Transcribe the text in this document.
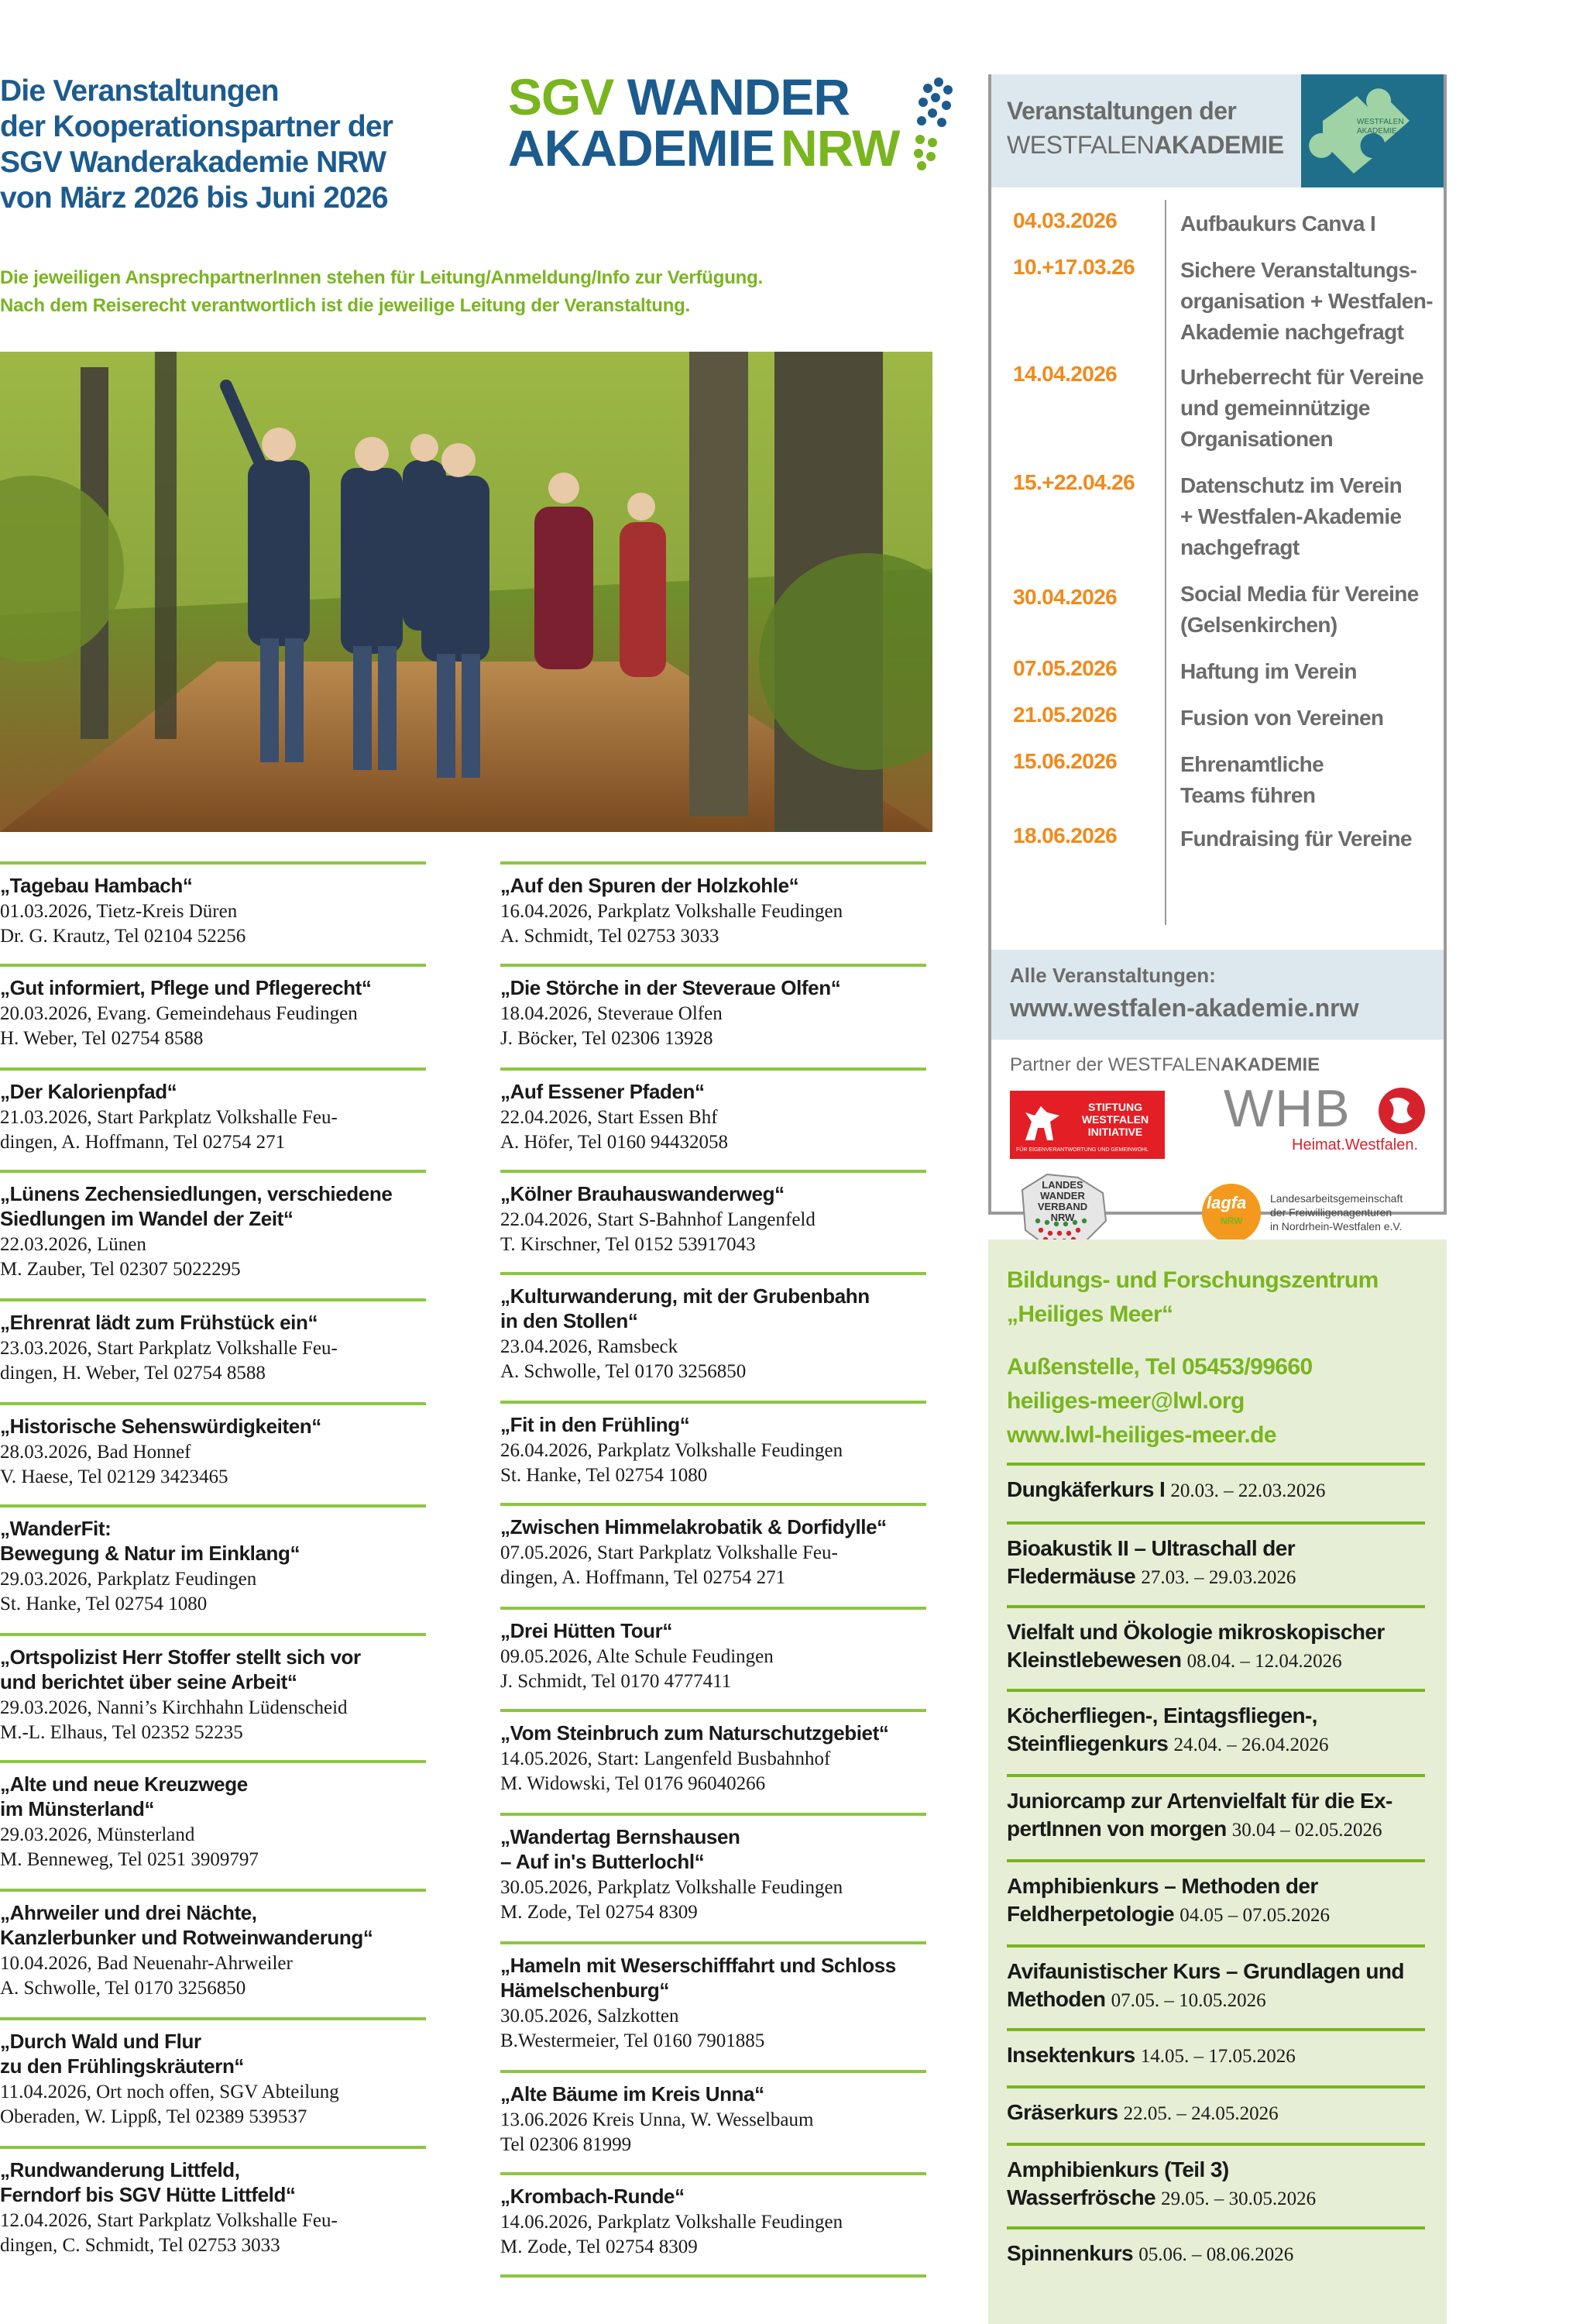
Die Veranstaltungen
der Kooperationspartner der
SGV Wanderakademie NRW
von März 2026 bis Juni 2026
SGV WANDER
AKADEMIE NRW
Die jeweiligen AnsprechpartnerInnen stehen für Leitung/Anmeldung/Info zur Verfügung.
Nach dem Reiserecht verantwortlich ist die jeweilige Leitung der Veranstaltung.
„Tagebau Hambach“
01.03.2026, Tietz-Kreis Düren
Dr. G. Krautz, Tel 02104 52256
„Gut informiert, Pflege und Pflegerecht“
20.03.2026, Evang. Gemeindehaus Feudingen
H. Weber, Tel 02754 8588
„Der Kalorienpfad“
21.03.2026, Start Parkplatz Volkshalle Feu-
dingen, A. Hoffmann, Tel 02754 271
„Lünens Zechensiedlungen, verschiedene
Siedlungen im Wandel der Zeit“
22.03.2026, Lünen
M. Zauber, Tel 02307 5022295
„Ehrenrat lädt zum Frühstück ein“
23.03.2026, Start Parkplatz Volkshalle Feu-
dingen, H. Weber, Tel 02754 8588
„Historische Sehenswürdigkeiten“
28.03.2026, Bad Honnef
V. Haese, Tel 02129 3423465
„WanderFit:
Bewegung & Natur im Einklang“
29.03.2026, Parkplatz Feudingen
St. Hanke, Tel 02754 1080
„Ortspolizist Herr Stoffer stellt sich vor
und berichtet über seine Arbeit“
29.03.2026, Nanni’s Kirchhahn Lüdenscheid
M.-L. Elhaus, Tel 02352 52235
„Alte und neue Kreuzwege
im Münsterland“
29.03.2026, Münsterland
M. Benneweg, Tel 0251 3909797
„Ahrweiler und drei Nächte,
Kanzlerbunker und Rotweinwanderung“
10.04.2026, Bad Neuenahr-Ahrweiler
A. Schwolle, Tel 0170 3256850
„Durch Wald und Flur
zu den Frühlingskräutern“
11.04.2026, Ort noch offen, SGV Abteilung
Oberaden, W. Lippß, Tel 02389 539537
„Rundwanderung Littfeld,
Ferndorf bis SGV Hütte Littfeld“
12.04.2026, Start Parkplatz Volkshalle Feu-
dingen, C. Schmidt, Tel 02753 3033
„Auf den Spuren der Holzkohle“
16.04.2026, Parkplatz Volkshalle Feudingen
A. Schmidt, Tel 02753 3033
„Die Störche in der Steveraue Olfen“
18.04.2026, Steveraue Olfen
J. Böcker, Tel 02306 13928
„Auf Essener Pfaden“
22.04.2026, Start Essen Bhf
A. Höfer, Tel 0160 94432058
„Kölner Brauhauswanderweg“
22.04.2026, Start S-Bahnhof Langenfeld
T. Kirschner, Tel 0152 53917043
„Kulturwanderung, mit der Grubenbahn
in den Stollen“
23.04.2026, Ramsbeck
A. Schwolle, Tel 0170 3256850
„Fit in den Frühling“
26.04.2026, Parkplatz Volkshalle Feudingen
St. Hanke, Tel 02754 1080
„Zwischen Himmelakrobatik & Dorfidylle“
07.05.2026, Start Parkplatz Volkshalle Feu-
dingen, A. Hoffmann, Tel 02754 271
„Drei Hütten Tour“
09.05.2026, Alte Schule Feudingen
J. Schmidt, Tel 0170 4777411
„Vom Steinbruch zum Naturschutzgebiet“
14.05.2026, Start: Langenfeld Busbahnhof
M. Widowski, Tel 0176 96040266
„Wandertag Bernshausen
– Auf in's Butterlochl“
30.05.2026, Parkplatz Volkshalle Feudingen
M. Zode, Tel 02754 8309
„Hameln mit Weserschifffahrt und Schloss
Hämelschenburg“
30.05.2026, Salzkotten
B.Westermeier, Tel 0160 7901885
„Alte Bäume im Kreis Unna“
13.06.2026 Kreis Unna, W. Wesselbaum
Tel 02306 81999
„Krombach-Runde“
14.06.2026, Parkplatz Volkshalle Feudingen
M. Zode, Tel 02754 8309
Veranstaltungen der
WESTFALENAKADEMIE
WESTFALEN AKADEMIE
04.03.2026	Aufbaukurs Canva I
10.+17.03.26	Sichere Veranstaltungs-
organisation + Westfalen-
Akademie nachgefragt
14.04.2026	Urheberrecht für Vereine
und gemeinnützige
Organisationen
15.+22.04.26	Datenschutz im Verein
+ Westfalen-Akademie
nachgefragt
30.04.2026	Social Media für Vereine
(Gelsenkirchen)
07.05.2026	Haftung im Verein
21.05.2026	Fusion von Vereinen
15.06.2026	Ehrenamtliche
Teams führen
18.06.2026	Fundraising für Vereine
Alle Veranstaltungen:
www.westfalen-akademie.nrw
Partner der WESTFALENAKADEMIE
STIFTUNG
WESTFALEN
INITIATIVE
FÜR EIGENVERANTWORTUNG UND GEMEINWOHL
WHB
Heimat.Westfalen.
LANDES
WANDER
VERBAND
NRW
lagfa
NRW
Landesarbeitsgemeinschaft
der Freiwilligenagenturen
in Nordrhein-Westfalen e.V.
Bildungs- und Forschungszentrum
„Heiliges Meer“
Außenstelle, Tel 05453/99660
heiliges-meer@lwl.org
www.lwl-heiliges-meer.de
Dungkäferkurs I 20.03. – 22.03.2026
Bioakustik II – Ultraschall der
Fledermäuse 27.03. – 29.03.2026
Vielfalt und Ökologie mikroskopischer
Kleinstlebewesen 08.04. – 12.04.2026
Köcherfliegen-, Eintagsfliegen-,
Steinfliegenkurs 24.04. – 26.04.2026
Juniorcamp zur Artenvielfalt für die Ex-
pertInnen von morgen 30.04 – 02.05.2026
Amphibienkurs – Methoden der
Feldherpetologie 04.05 – 07.05.2026
Avifaunistischer Kurs – Grundlagen und
Methoden 07.05. – 10.05.2026
Insektenkurs 14.05. – 17.05.2026
Gräserkurs 22.05. – 24.05.2026
Amphibienkurs (Teil 3)
Wasserfrösche 29.05. – 30.05.2026
Spinnenkurs 05.06. – 08.06.2026
